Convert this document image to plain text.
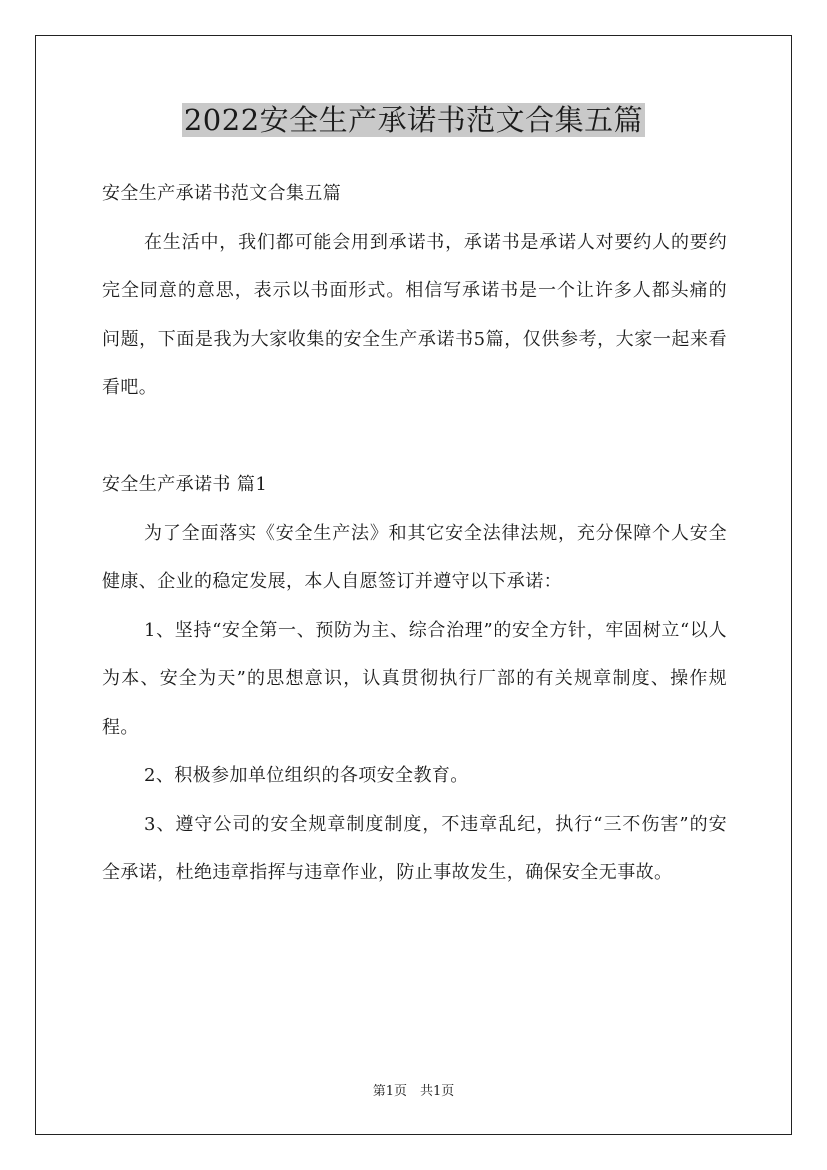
2022安全生产承诺书范文合集五篇

安全生产承诺书范文合集五篇

在生活中，我们都可能会用到承诺书，承诺书是承诺人对要约人的要约完全同意的意思，表示以书面形式。相信写承诺书是一个让许多人都头痛的问题，下面是我为大家收集的安全生产承诺书5篇，仅供参考，大家一起来看看吧。

安全生产承诺书 篇1

为了全面落实《安全生产法》和其它安全法律法规，充分保障个人安全健康、企业的稳定发展，本人自愿签订并遵守以下承诺：

1、坚持“安全第一、预防为主、综合治理”的安全方针，牢固树立“以人为本、安全为天”的思想意识，认真贯彻执行厂部的有关规章制度、操作规程。

2、积极参加单位组织的各项安全教育。

3、遵守公司的安全规章制度制度，不违章乱纪，执行“三不伤害”的安全承诺，杜绝违章指挥与违章作业，防止事故发生，确保安全无事故。

第1页　共1页
